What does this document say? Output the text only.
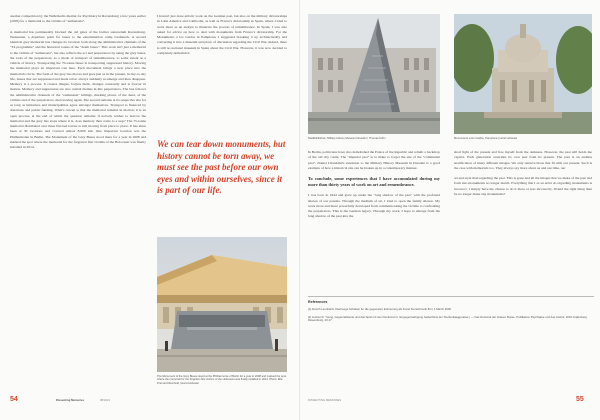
another competition by the Wehrmacht-Institut for Psychiatry in Ravensburg a few years earlier (2005) for a memorial to the victims of "euthanasia".

A memorial has permanently blocked the old gates of the former sanatorium Ravensburg-Weissenau, a departure point for buses to the extermination camp Grafeneck. A second identical grey memorial bus changes its location: both along the administrative channels of the "T4 programme" and the historical routes of the "death buses". This work isn't just a memorial to the victims of "euthanasia", but also reflects the act and perpetrators by using the grey buses, the tools of the perpetrators, as a mode of transport of remembrances, to some extent as a vehicle of history. Transporting the 70-tonne buses is transporting suppressed history. Moving the memorial plays an important role here. Each movement brings a new place into the memorial's circle. The form of the grey bus moves and goes just as in the present, in day-to-day life, issues that are suppressed and made taboo always suddenly re-emerge and then disappear. Memory is a process. It creates images, forgets them, changes constantly and is forever in motion. Memory and suppression are also central themes in this perpetrators. The bus follows the administrative channels of the "euthanasia" killings, marking places of the deed, of the victims and of the perpetrators, then leaving again. The second remains at its respective site for as long as initiatives and municipalities agree amongst themselves. Transport is financed by donations and public funding. What's crucial is that the memorial remains in motion; it is an open process, at the end of which the question remains: if nobody wishes to borrow the memorial and the grey bus stops where it is, does memory then come to a stop? The 75-tonne memorial distributed over three flat-bed lorries is still moving from place to place. It has since been at 30 locations and covered almost 8,000 km. One important location was the Philharmonie in Berlin. The Monument of the Grey Buses stood there for a year in 2008 and marked the spot where the memorial for the forgotten first victims of the Holocaust was finally installed in 2014.

I haven't just done artistic work on the German past, but also on the military dictatorships in Latin America and Cambodia, as well as France's dictatorship in Spain, where I tried to work more as an analyst to illustrate the process of remembrance. In Spain, I was also asked for advice on how to deal with monuments from Franco's dictatorship. For the Monumento a los Caidos in Pamplona, I suggested breaking it up architecturally and converting it into a museum and place of discussion regarding the Civil War. Indeed, there is still no national museum in Spain about the Civil War. However, it was now decided to completely demolish it.

We can tear down monuments, but history cannot be torn away, we must see the past before our own eyes and within ourselves, since it is part of our life.
The Monument of the Grey Buses stood at the Philharmonie of Berlin for a year in 2008 and marked the spot where the memorial for the forgotten first victims of the Holocaust was finally installed in 2014. Photo: Ella Priel and Reinhold | Horst Hoheisel
54	Dissenting Memories	08/2021
Stadtbibliothek, Military History Museum Dresden | Thomas Kuhn	Monumento a los Caidos, Pamplona | Horst Hoheisel

In Berlin, politicians have also demolished the Palace of the Republic and rebuilt a backdrop of the old city castle. The "imperial past" is to make to forget the site of the "communist past". Daniel Libeskind's extension to the Military History Museum in Dresden is a good example of how a historical site can be broken up in a contemporary manner.

To conclude, some experiences that I have accumulated during my more than thirty years of work on art and remembrance.

I was born in 1944 and grew up under the "long shadow of the past" with the profound silence of our parents. Through the medium of art, I tried to open the family silence. My work more and more powerfully developed from commemorating the victims to confronting the perpetrators. This is the German legacy. Through my work, I hope to emerge from the long shadow of the past into the

short light of the present and free myself from the darkness. However, the past still holds me captive. Each generation overrides its own past from its present. The past is an endless stratification of many different images. We only retrieve those that fit with our present. Such is the case with memorials too. They always say more about us and our time, our

art and style than regarding the past. This is gone and all the images that we make of the past and form into monuments no longer match. Everything that I as an artist do regarding monuments is incorrect. I simply have the chance to do it more or less incorrectly. Would the right thing then be no longer make any monuments?

DISSENTING MEMORIES	55
References
[1] Almuth Leonhardt, Dierheege Schatten fur die gegenwart, Erinnerung als Kunst Kunstchronik 8/4 | 1 March 2006
[2] Jochen R. Young, Gegenrialisierte und das Spiel mit dem Denkmal in: Vergegenwartigung Gedachtnis der Sterbenktaggerasse | — Das Denkmal der Grauen Busse. Publikation Psychiatrie und das Institut, 2019 Grafenberg Ravensburg, 20.17
